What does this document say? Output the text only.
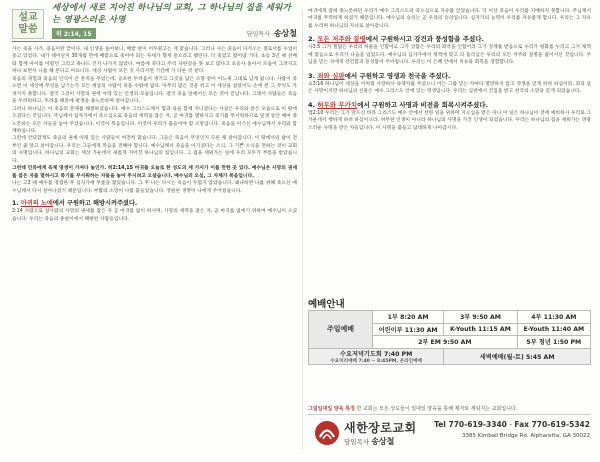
설교 말씀
세상에서 새로 지어진 하나님의 교회, 그 하나님의 집을 세워가는 영광스러운 사명
히 2:14, 15	담임목사 송상철

사는 죽을 사가, 죽음이란 끝이다. 내 인생을 돌아보니, 배밭 앞이 어두웠고는 게 맞습니다. 그러나 사는 죽음이 다가오는 절로서를 수업이 묻고 있었다. 내가 태어난지 30개월 만에 배밭으로 죽어야 되는 자세가 향게 묻으라고 했던다. 더 죽었고 왔어냈 거다. 초등 3년 때 선배와 함께 아이를 어렸던 그리고 하나도 건지 나가지 않았다. 여름에 죽다고 주석 사한것을 못 보고 많다고 초등사 돌아서 모습이 그려지고 하나 보면서 나를 해 본다고 아프니다. 세상 사람이 모든 것 사라지면 기간에 가 다른 것 같다.

죽음의 경험과 죽음의 인식이 큰 흔적을 주었는데, 공포한 두려움이 생기고 그것을 담은 소망 같이 어느새 그대로 남게 됩니다. 사람이 죽으면 이 세상에 무엇을 남기는가 모든 세상의 사람이 죽을 수밖에 없다. 아무리 많은 것을 쥐고 이 세상을 살았어도 손에 쥔 그 무엇도 가져가지 못합니다. 결국 그것이 사망의 권세 아래 있는 인생의 모습입니다. 결국 죽음 앞에서는 모든 것이 끝납니다. 그래서 사람들은 죽음을 두려워하고, 두려움 때문에 평생을 종노릇하며 살아갑니다.

그러나 하나님은 이 죽음의 문제를 해결하셨습니다. 예수 그리스도께서 혈과 육을 함께 지니셨다는 사실은 우리와 같은 모습으로 이 땅에 오셨다는 것입니다. 주님께서 십자가에서 죽으심으로 죽음의 세력을 잡은 자, 곧 마귀를 멸하시고 죽기를 무서워하므로 일생 동안 매여 종노릇하는 모든 자들을 놓아 주셨습니다. 이것이 복음입니다. 이것이 우리가 붙들어야 할 소망입니다. 죽음을 이기신 예수님께서 우리와 함께하십니다.

그런데 안타깝게도 죽음의 권세 아래 있는 사람들이 여전히 많습니다. 그들은 죽음이 무엇인지 모른 채 살아갑니다. 이 땅에서의 삶이 전부인 줄 알고 살아갑니다. 우리는 그들에게 복음을 전해야 합니다. 예수님께서 죽음을 이기셨다는 소식, 그 기쁜 소식을 전하는 것이 교회의 사명입니다. 하나님의 교회는 세상 가운데서 새롭게 지어진 하나님의 집입니다. 그 집을 세워가는 일에 우리 모두가 부름을 받았습니다.

그런데 인류에게 육체 영생이 가져다 놓인가. 히2:14,15 마귀를 오늘로 한 성도의 세 가지가 이를 만한 곳 있다. 예수님은 사망의 권세를 잡은 자를 멸하시고 죽기를 무서워하는 자들을 놓아 주시려고 오셨습니다. 예수님의 오심, 그 자체가 복음입니다.

나는 고3 때 예수를 영접한 후 십자가에 무릎을 꿇었습니다. 그 후 나는 다시는 죽음이 두렵지 않았습니다. 왜냐하면 나를 위해 죽으신 예수님께서 다시 살아나셨기 때문입니다. 부활의 소망이 나를 붙들었습니다. 영원한 생명이 나에게 주어졌습니다.

1. 마귀의 노예에서 구원하고 해방시켜주셨다.
2:14 사람으로 참사람의 사망의 권세를 잡은 자 곧 마귀를 없이 하시며, 사망의 세력을 잡은 자, 곧 마귀를 없애기 위하여 예수님이 오셨습니다. 우리는 죽음의 종살이에서 해방된 사람들입니다.
마귀에게 잡혀 종노릇하던 우리가 예수 그리스도의 죽으심으로 자유를 얻었습니다. 더 이상 죽음이 우리를 지배하지 못합니다. 주님께서 마귀를 무력하게 하셨기 때문입니다. 예수님의 승리는 곧 우리의 승리입니다. 십자가의 능력이 우리를 자유롭게 합니다. 우리는 그 자유를 누리며 하나님의 자녀로 살아갑니다.
2. 모든 저주와 질병에서 구원하시고 강건과 풍성함을 주셨다.
사3:5 그가 찔림은 우리의 허물을 인함이요 그가 상함은 우리의 죄악을 인함이라 그가 징계를 받음으로 우리가 평화를 누리고 그가 채찍에 맞음으로 우리가 나음을 입었도다. 예수님의 십자가에서 채찍에 맞고 피 흘리심은 우리의 모든 저주와 질병을 짊어지신 것입니다. 주님을 믿는 자에게 강건함과 풍성함이 주어집니다. 우리는 이 은혜 안에서 치유와 회복을 경험합니다.
3. 죄와 심판에서 구원하고 영생과 천국을 주셨다.
요3:16 하나님이 세상을 이처럼 사랑하사 독생자를 주셨으니 이는 그를 믿는 자마다 멸망하지 않고 영생을 얻게 하려 하심이라. 죄의 삯은 사망이지만 하나님의 선물은 예수 그리스도 안에 있는 영생입니다. 우리는 심판에서 건짐을 받고 천국의 소망을 갖게 되었습니다.
4. 허무와 무가치에서 구원하고 사명과 비전을 회복시켜주셨다.
엡2:10 우리는 그가 만드신 바라 그리스도 예수 안에서 선한 일을 위하여 지으심을 받은 자니 이 일은 하나님이 전에 예비하사 우리로 그 가운데서 행하게 하려 하심이니라. 허무한 인생이 아니라 하나님의 사명을 가진 인생이 되었습니다. 우리는 하나님의 집을 세워가는 영광스러운 사명을 받은 자들입니다. 이 사명을 붙들고 담대하게 나아갑시다.
예배안내
주일예배	1부 8:20 AM	3부 9:50 AM	4부 11:30 AM
	어린이부 11:30 AM	K-Youth 11:15 AM	E-Youth 11:40 AM
	2부 EM 9:50 AM		5부 청년 1:50 PM

수요저녁기도회 7:40 PM
수요미리예배 7:40 ~ 8:45PM, 온라인예배		새벽예배(월-토) 5:45 AM	
그림일대일 양육 특징 한 교회는 모든 성도들이 일대일 양육을 통해 제자로 세워지는 교회입니다.
새한장로교회
담임목사 송상철
Tel 770-619-3340 - Fax 770-619-5342
3385 Kimball Bridge Rd. Alpharetta, GA 30022
